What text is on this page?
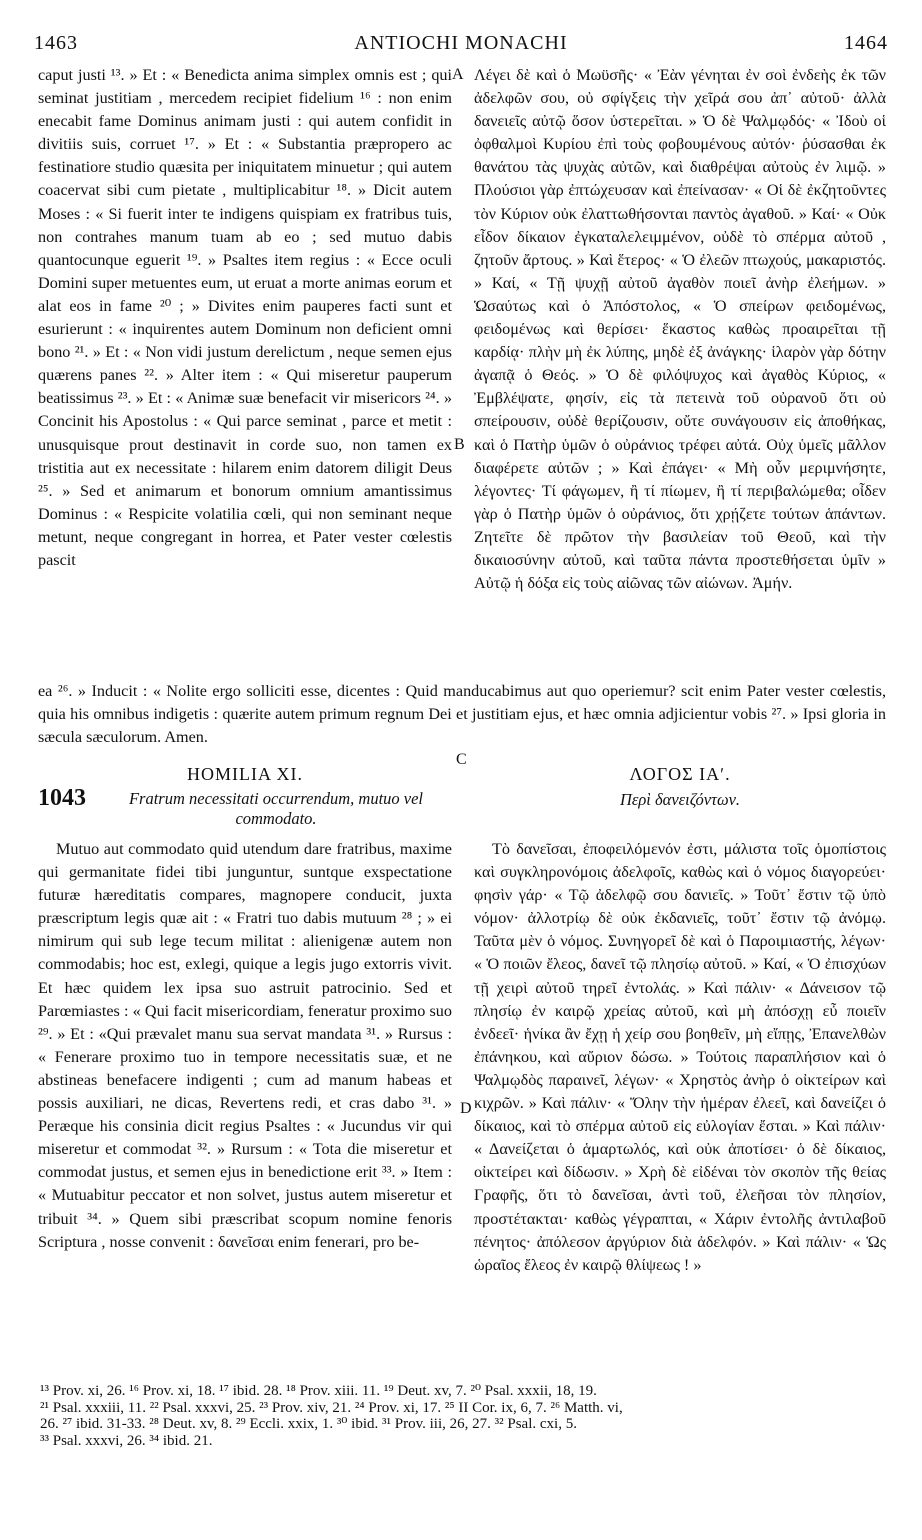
1463	ANTIOCHI MONACHI	1464
A
B
C
D

caput justi ¹³. » Et : « Benedicta anima simplex omnis est ; qui seminat justitiam , mercedem recipiet fidelium ¹⁶ : non enim enecabit fame Dominus animam justi : qui autem confidit in divitiis suis, corruet ¹⁷. » Et : « Substantia præpropero ac festinatiore studio quæsita per iniquitatem minuetur ; qui autem coacervat sibi cum pietate , multiplicabitur ¹⁸. » Dicit autem Moses : « Si fuerit inter te indigens quispiam ex fratribus tuis, non contrahes manum tuam ab eo ; sed mutuo dabis quantocunque eguerit ¹⁹. » Psaltes item regius : « Ecce oculi Domini super metuentes eum, ut eruat a morte animas eorum et alat eos in fame ²⁰ ; » Divites enim pauperes facti sunt et esurierunt : « inquirentes autem Dominum non deficient omni bono ²¹. » Et : « Non vidi justum derelictum , neque semen ejus quærens panes ²². » Alter item : « Qui miseretur pauperum beatissimus ²³. » Et : « Animæ suæ benefacit vir misericors ²⁴. » Concinit his Apostolus : « Qui parce seminat , parce et metit : unusquisque prout destinavit in corde suo, non tamen ex tristitia aut ex necessitate : hilarem enim datorem diligit Deus ²⁵. » Sed et animarum et bonorum omnium amantissimus Dominus : « Respicite volatilia cœli, qui non seminant neque metunt, neque congregant in horrea, et Pater vester cœlestis pascit

Λέγει δὲ καὶ ὁ Μωϋσῆς· « Ἐὰν γένηται ἐν σοὶ ἐνδεὴς ἐκ τῶν ἀδελφῶν σου, οὐ σφίγξεις τὴν χεῖρά σου ἀπ᾽ αὐτοῦ· ἀλλὰ δανειεῖς αὐτῷ ὅσον ὑστερεῖται. » Ὁ δὲ Ψαλμῳδός· « Ἰδοὺ οἱ ὀφθαλμοὶ Κυρίου ἐπὶ τοὺς φοβουμένους αὐτόν· ῥύσασθαι ἐκ θανάτου τὰς ψυχὰς αὐτῶν, καὶ διαθρέψαι αὐτοὺς ἐν λιμῷ. » Πλούσιοι γὰρ ἐπτώχευσαν καὶ ἐπείνασαν· « Οἱ δὲ ἐκζητοῦντες τὸν Κύριον οὐκ ἐλαττωθήσονται παντὸς ἀγαθοῦ. » Καί· « Οὐκ εἶδον δίκαιον ἐγκαταλελειμμένον, οὐδὲ τὸ σπέρμα αὐτοῦ , ζητοῦν ἄρτους. » Καὶ ἕτερος· « Ὁ ἐλεῶν πτωχούς, μακαριστός. » Καί, « Τῇ ψυχῇ αὐτοῦ ἀγαθὸν ποιεῖ ἀνὴρ ἐλεήμων. » Ὡσαύτως καὶ ὁ Ἀπόστολος, « Ὁ σπείρων φειδομένως, φειδομένως καὶ θερίσει· ἕκαστος καθὼς προαιρεῖται τῇ καρδίᾳ· πλὴν μὴ ἐκ λύπης, μηδὲ ἐξ ἀνάγκης· ἱλαρὸν γὰρ δότην ἀγαπᾷ ὁ Θεός. » Ὁ δὲ φιλόψυχος καὶ ἀγαθὸς Κύριος, « Ἐμβλέψατε, φησίν, εἰς τὰ πετεινὰ τοῦ οὐρανοῦ ὅτι οὐ σπείρουσιν, οὐδὲ θερίζουσιν, οὔτε συνάγουσιν εἰς ἀποθήκας, καὶ ὁ Πατὴρ ὑμῶν ὁ οὐράνιος τρέφει αὐτά. Οὐχ ὑμεῖς μᾶλλον διαφέρετε αὐτῶν ; » Καὶ ἐπάγει· « Μὴ οὖν μεριμνήσητε, λέγοντες· Τί φάγωμεν, ἢ τί πίωμεν, ἢ τί περιβαλώμεθα; οἶδεν γὰρ ὁ Πατὴρ ὑμῶν ὁ οὐράνιος, ὅτι χρῄζετε τούτων ἁπάντων. Ζητεῖτε δὲ πρῶτον τὴν βασιλείαν τοῦ Θεοῦ, καὶ τὴν δικαιοσύνην αὐτοῦ, καὶ ταῦτα πάντα προστεθήσεται ὑμῖν » Αὐτῷ ἡ δόξα εἰς τοὺς αἰῶνας τῶν αἰώνων. Ἀμήν.

ea ²⁶. » Inducit : « Nolite ergo solliciti esse, dicentes : Quid manducabimus aut quo operiemur? scit enim Pater vester cœlestis, quia his omnibus indigetis : quærite autem primum regnum Dei et justitiam ejus, et hæc omnia adjicientur vobis ²⁷. » Ipsi gloria in sæcula sæculorum. Amen.
HOMILIA XI.	ΛΟΓΟΣ ΙΑʹ.
1043	Fratrum necessitati occurrendum, mutuo vel commodato.
Περὶ δανειζόντων.

Mutuo aut commodato quid utendum dare fratribus, maxime qui germanitate fidei tibi junguntur, suntque exspectatione futuræ hæreditatis compares, magnopere conducit, juxta præscriptum legis quæ ait : « Fratri tuo dabis mutuum ²⁸ ; » ei nimirum qui sub lege tecum militat : alienigenæ autem non commodabis; hoc est, exlegi, quique a legis jugo extorris vivit. Et hæc quidem lex ipsa suo astruit patrocinio. Sed et Parœmiastes : « Qui facit misericordiam, feneratur proximo suo ²⁹. » Et : «Qui prævalet manu sua servat mandata ³¹. » Rursus : « Fenerare proximo tuo in tempore necessitatis suæ, et ne abstineas benefacere indigenti ; cum ad manum habeas et possis auxiliari, ne dicas, Revertens redi, et cras dabo ³¹. » Peræque his consinia dicit regius Psaltes : « Jucundus vir qui miseretur et commodat ³². » Rursum : « Tota die miseretur et commodat justus, et semen ejus in benedictione erit ³³. » Item : « Mutuabitur peccator et non solvet, justus autem miseretur et tribuit ³⁴. » Quem sibi præscribat scopum nomine fenoris Scriptura , nosse convenit : δανεῖσαι enim fenerari, pro be-

Τὸ δανεῖσαι, ἐποφειλόμενόν ἐστι, μάλιστα τοῖς ὁμοπίστοις καὶ συγκληρονόμοις ἀδελφοῖς, καθὼς καὶ ὁ νόμος διαγορεύει· φησὶν γάρ· « Τῷ ἀδελφῷ σου δανιεῖς. » Τοῦτ᾽ ἔστιν τῷ ὑπὸ νόμον· ἀλλοτρίῳ δὲ οὐκ ἐκδανιεῖς, τοῦτ᾽ ἔστιν τῷ ἀνόμῳ. Ταῦτα μὲν ὁ νόμος. Συνηγορεῖ δὲ καὶ ὁ Παροιμιαστής, λέγων· « Ὁ ποιῶν ἔλεος, δανεῖ τῷ πλησίῳ αὐτοῦ. » Καί, « Ὁ ἐπισχύων τῇ χειρὶ αὐτοῦ τηρεῖ ἐντολάς. » Καὶ πάλιν· « Δάνεισον τῷ πλησίῳ ἐν καιρῷ χρείας αὐτοῦ, καὶ μὴ ἀπόσχῃ εὖ ποιεῖν ἐνδεεῖ· ἡνίκα ἂν ἔχῃ ἡ χείρ σου βοηθεῖν, μὴ εἴπῃς, Ἐπανελθὼν ἐπάνηκου, καὶ αὔριον δώσω. » Τούτοις παραπλήσιον καὶ ὁ Ψαλμῳδὸς παραινεῖ, λέγων· « Χρηστὸς ἀνὴρ ὁ οἰκτείρων καὶ κιχρῶν. » Καὶ πάλιν· « Ὅλην τὴν ἡμέραν ἐλεεῖ, καὶ δανείζει ὁ δίκαιος, καὶ τὸ σπέρμα αὐτοῦ εἰς εὐλογίαν ἔσται. » Καὶ πάλιν· « Δανείζεται ὁ ἁμαρτωλός, καὶ οὐκ ἀποτίσει· ὁ δὲ δίκαιος, οἰκτείρει καὶ δίδωσιν. » Χρὴ δὲ εἰδέναι τὸν σκοπὸν τῆς θείας Γραφῆς, ὅτι τὸ δανεῖσαι, ἀντὶ τοῦ, ἐλεῆσαι τὸν πλησίον, προστέτακται· καθὼς γέγραπται, « Χάριν ἐντολῆς ἀντιλαβοῦ πένητος· ἀπόλεσον ἀργύριον διὰ ἀδελφόν. » Καὶ πάλιν· « Ὡς ὡραῖος ἔλεος ἐν καιρῷ θλίψεως ! »

¹³ Prov. xi, 26. ¹⁶ Prov. xi, 18. ¹⁷ ibid. 28. ¹⁸ Prov. xiii. 11. ¹⁹ Deut. xv, 7. ²⁰ Psal. xxxii, 18, 19.
²¹ Psal. xxxiii, 11. ²² Psal. xxxvi, 25. ²³ Prov. xiv, 21. ²⁴ Prov. xi, 17. ²⁵ II Cor. ix, 6, 7. ²⁶ Matth. vi,
26. ²⁷ ibid. 31-33. ²⁸ Deut. xv, 8. ²⁹ Eccli. xxix, 1. ³⁰ ibid. ³¹ Prov. iii, 26, 27. ³² Psal. cxi, 5.
³³ Psal. xxxvi, 26. ³⁴ ibid. 21.
